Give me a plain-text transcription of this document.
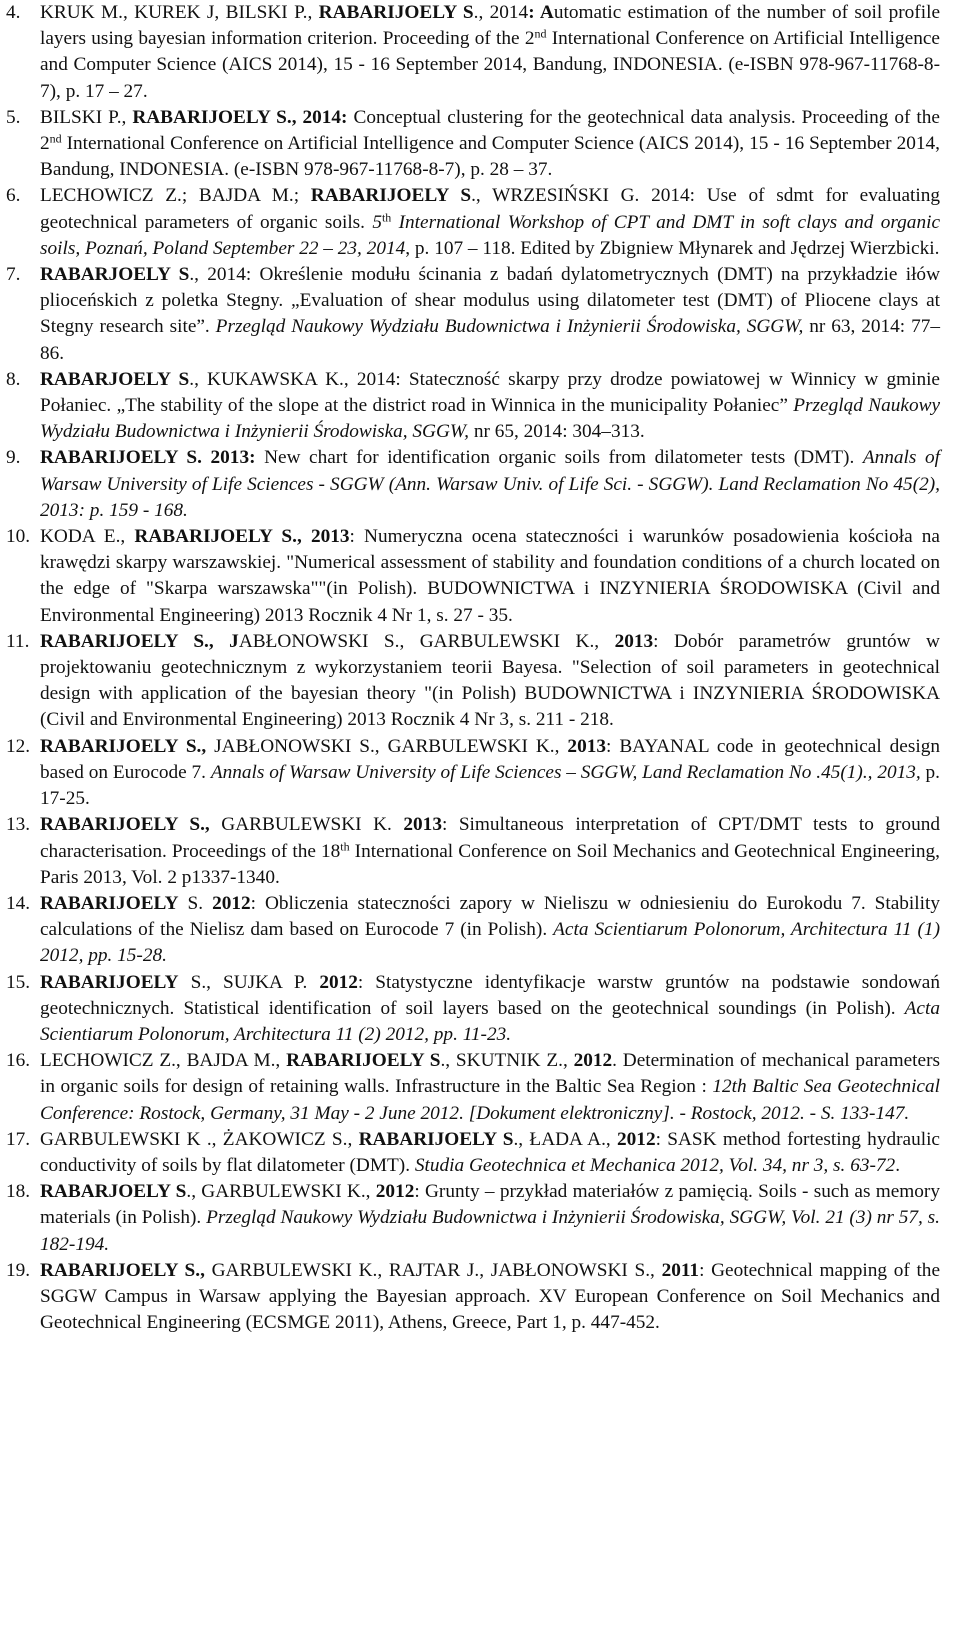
4. KRUK M., KUREK J, BILSKI P., RABARIJOELY S., 2014: Automatic estimation of the number of soil profile layers using bayesian information criterion. Proceeding of the 2nd International Conference on Artificial Intelligence and Computer Science (AICS 2014), 15 - 16 September 2014, Bandung, INDONESIA. (e-ISBN 978-967-11768-8-7), p. 17 – 27.
5. BILSKI P., RABARIJOELY S., 2014: Conceptual clustering for the geotechnical data analysis. Proceeding of the 2nd International Conference on Artificial Intelligence and Computer Science (AICS 2014), 15 - 16 September 2014, Bandung, INDONESIA. (e-ISBN 978-967-11768-8-7), p. 28 – 37.
6. LECHOWICZ Z.; BAJDA M.; RABARIJOELY S., WRZESIŃSKI G. 2014: Use of sdmt for evaluating geotechnical parameters of organic soils. 5th International Workshop of CPT and DMT in soft clays and organic soils, Poznań, Poland September 22 – 23, 2014, p. 107 – 118. Edited by Zbigniew Młynarek and Jędrzej Wierzbicki.
7. RABARJOELY S., 2014: Określenie modułu ścinania z badań dylatometrycznych (DMT) na przykładzie iłów plioceńskich z poletka Stegny. „Evaluation of shear modulus using dilatometer test (DMT) of Pliocene clays at Stegny research site”. Przegląd Naukowy Wydziału Budownictwa i Inżynierii Środowiska, SGGW, nr 63, 2014: 77–86.
8. RABARJOELY S., KUKAWSKA K., 2014: Stateczność skarpy przy drodze powiatowej w Winnicy w gminie Połaniec. „The stability of the slope at the district road in Winnica in the municipality Połaniec” Przegląd Naukowy Wydziału Budownictwa i Inżynierii Środowiska, SGGW, nr 65, 2014: 304–313.
9. RABARIJOELY S. 2013: New chart for identification organic soils from dilatometer tests (DMT). Annals of Warsaw University of Life Sciences - SGGW (Ann. Warsaw Univ. of Life Sci. - SGGW). Land Reclamation No 45(2), 2013: p. 159 - 168.
10. KODA E., RABARIJOELY S., 2013: Numeryczna ocena stateczności i warunków posadowienia kościoła na krawędzi skarpy warszawskiej. "Numerical assessment of stability and foundation conditions of a church located on the edge of "Skarpa warszawska""(in Polish). BUDOWNICTWA i INZYNIERIA ŚRODOWISKA (Civil and Environmental Engineering) 2013 Rocznik 4 Nr 1, s. 27 - 35.
11. RABARIJOELY S., JABŁONOWSKI S., GARBULEWSKI K., 2013: Dobór parametrów gruntów w projektowaniu geotechnicznym z wykorzystaniem teorii Bayesa. "Selection of soil parameters in geotechnical design with application of the bayesian theory "(in Polish) BUDOWNICTWA i INZYNIERIA ŚRODOWISKA (Civil and Environmental Engineering) 2013 Rocznik 4 Nr 3, s. 211 - 218.
12. RABARIJOELY S., JABŁONOWSKI S., GARBULEWSKI K., 2013: BAYANAL code in geotechnical design based on Eurocode 7. Annals of Warsaw University of Life Sciences – SGGW, Land Reclamation No .45(1)., 2013, p. 17-25.
13. RABARIJOELY S., GARBULEWSKI K. 2013: Simultaneous interpretation of CPT/DMT tests to ground characterisation. Proceedings of the 18th International Conference on Soil Mechanics and Geotechnical Engineering, Paris 2013, Vol. 2 p1337-1340.
14. RABARIJOELY S. 2012: Obliczenia stateczności zapory w Nieliszu w odniesieniu do Eurokodu 7. Stability calculations of the Nielisz dam based on Eurocode 7 (in Polish). Acta Scientiarum Polonorum, Architectura 11 (1) 2012, pp. 15-28.
15. RABARIJOELY S., SUJKA P. 2012: Statystyczne identyfikacje warstw gruntów na podstawie sondowań geotechnicznych. Statistical identification of soil layers based on the geotechnical soundings (in Polish). Acta Scientiarum Polonorum, Architectura 11 (2) 2012, pp. 11-23.
16. LECHOWICZ Z., BAJDA M., RABARIJOELY S., SKUTNIK Z., 2012. Determination of mechanical parameters in organic soils for design of retaining walls. Infrastructure in the Baltic Sea Region : 12th Baltic Sea Geotechnical Conference: Rostock, Germany, 31 May - 2 June 2012. [Dokument elektroniczny]. - Rostock, 2012. - S. 133-147.
17. GARBULEWSKI K ., ŻAKOWICZ S., RABARIJOELY S., ŁADA A., 2012: SASK method fortesting hydraulic conductivity of soils by flat dilatometer (DMT). Studia Geotechnica et Mechanica 2012, Vol. 34, nr 3, s. 63-72.
18. RABARJOELY S., GARBULEWSKI K., 2012: Grunty – przykład materiałów z pamięcią. Soils - such as memory materials (in Polish). Przegląd Naukowy Wydziału Budownictwa i Inżynierii Środowiska, SGGW, Vol. 21 (3) nr 57, s. 182-194.
19. RABARIJOELY S., GARBULEWSKI K., RAJTAR J., JABŁONOWSKI S., 2011: Geotechnical mapping of the SGGW Campus in Warsaw applying the Bayesian approach. XV European Conference on Soil Mechanics and Geotechnical Engineering (ECSMGE 2011), Athens, Greece, Part 1, p. 447-452.
